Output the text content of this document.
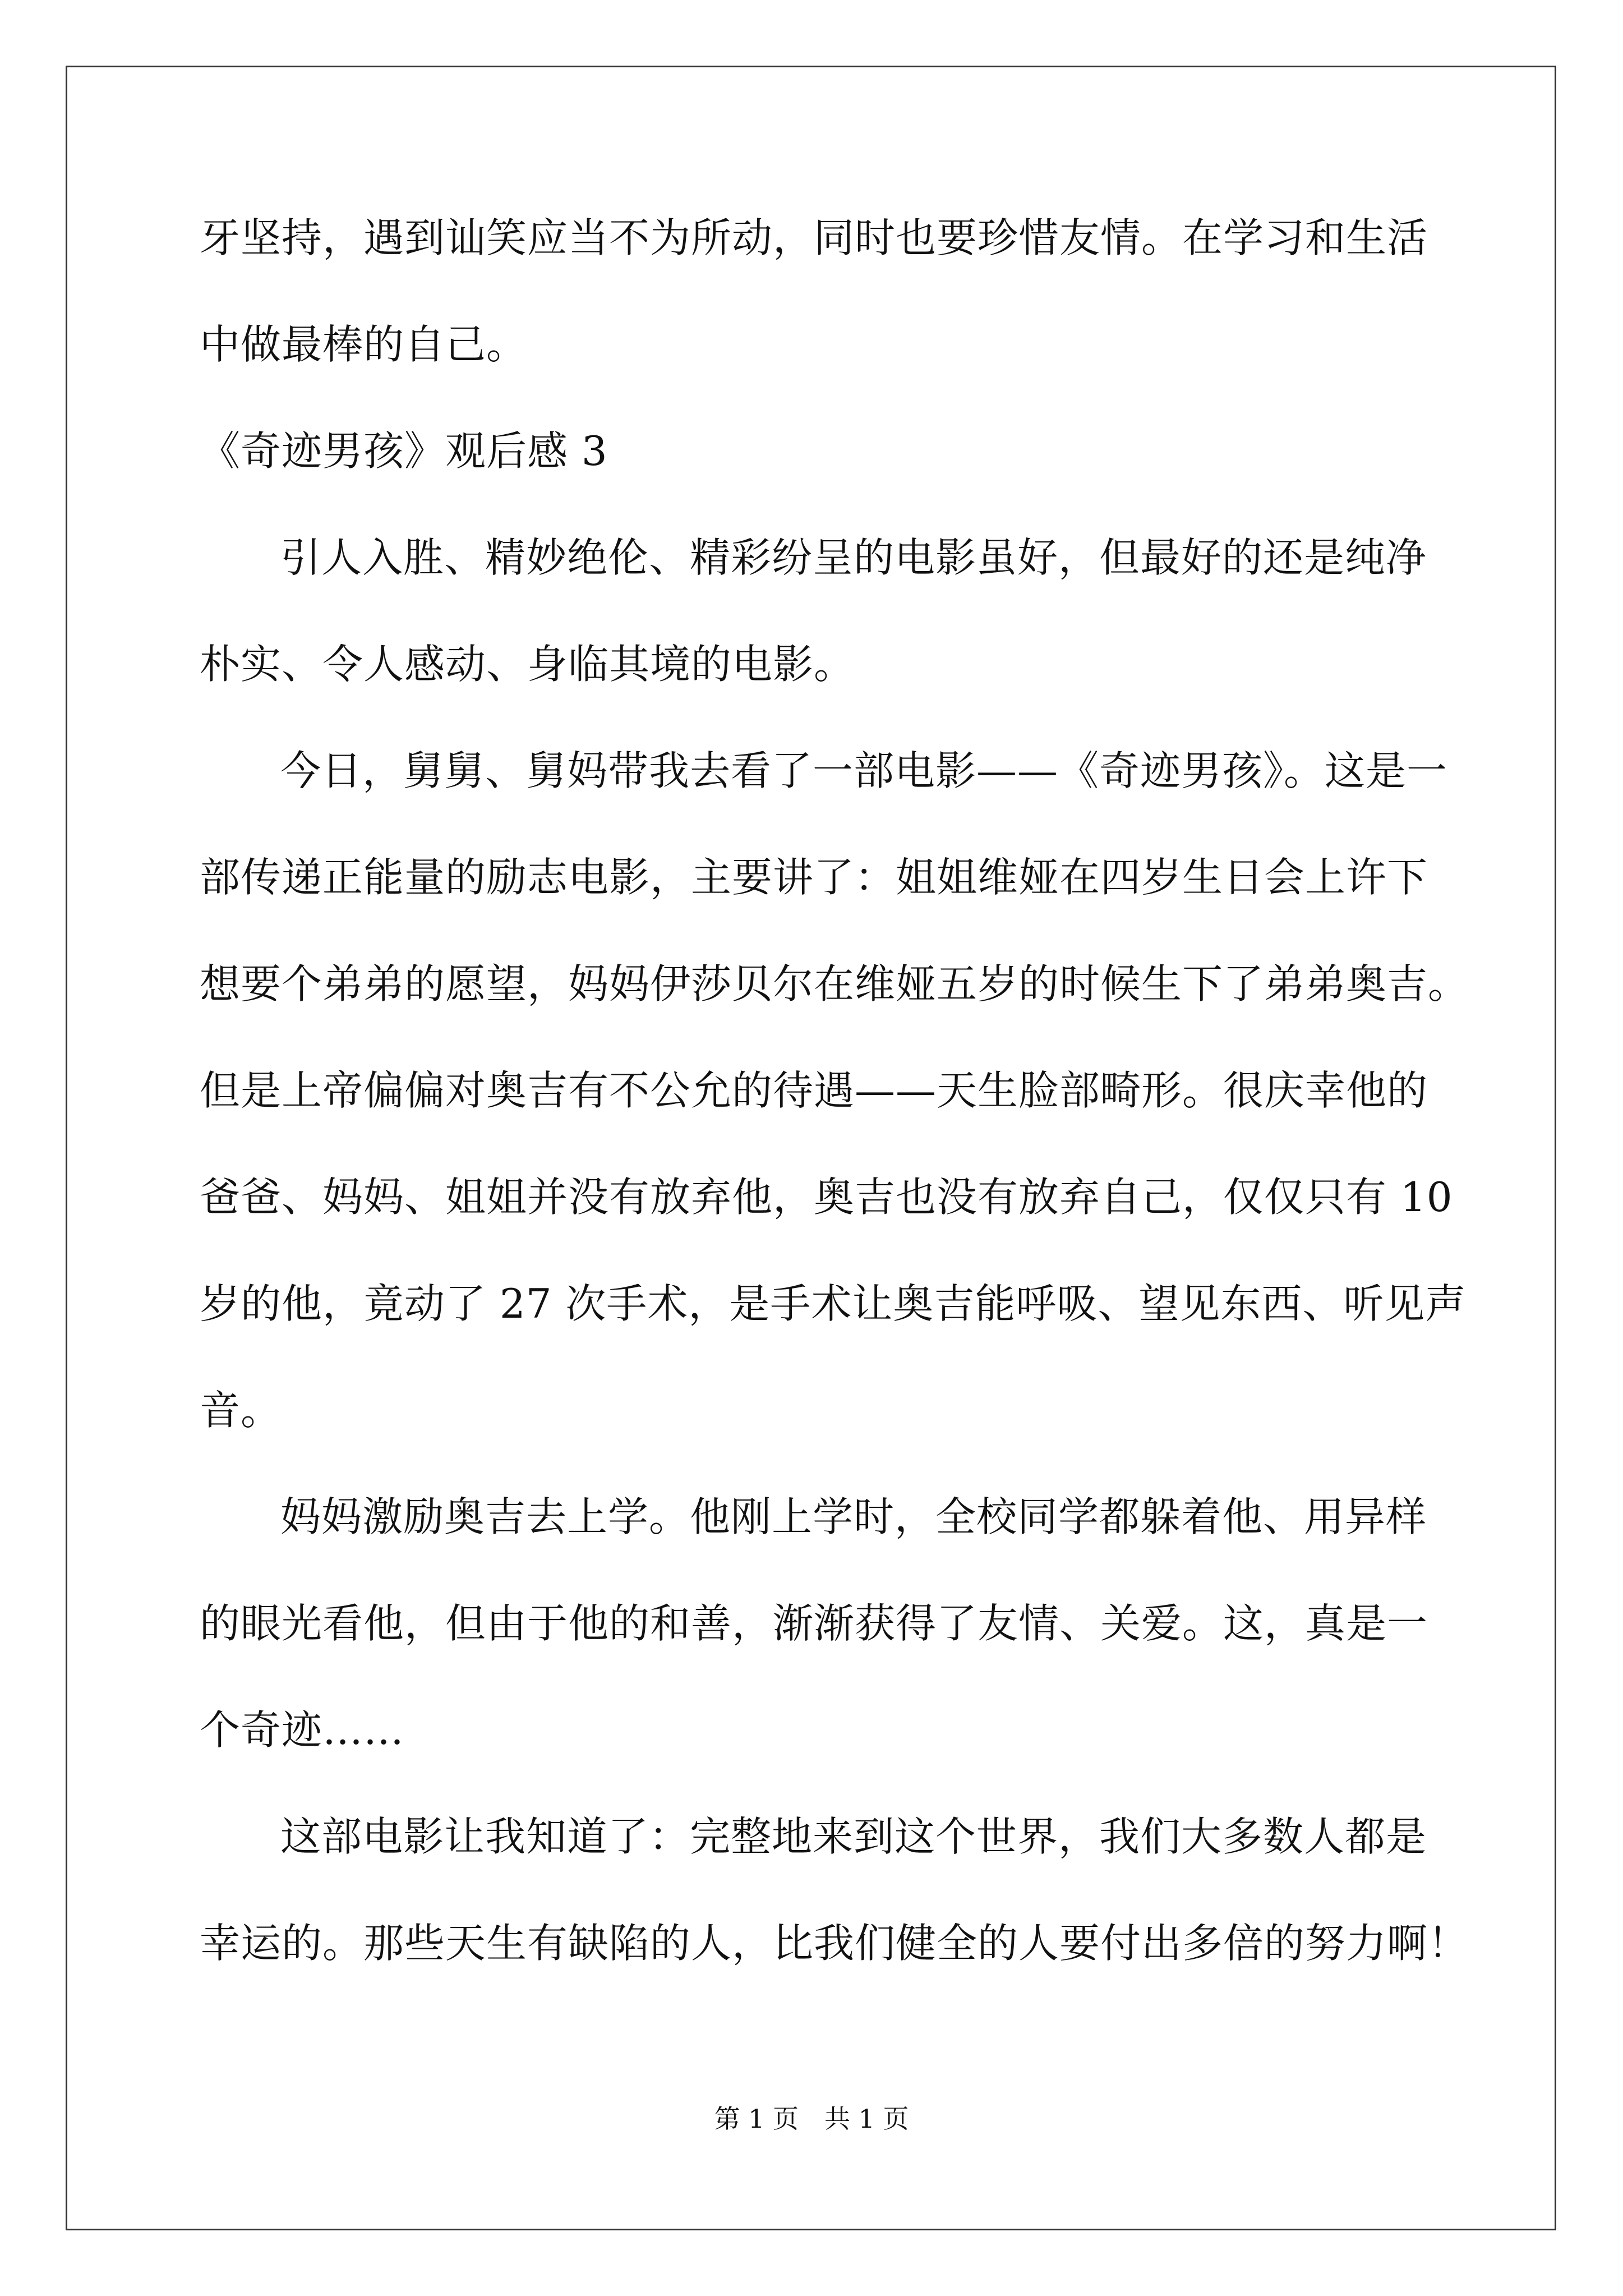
牙坚持，遇到讪笑应当不为所动，同时也要珍惜友情。在学习和生活
中做最棒的自己。
《奇迹男孩》观后感 3
引人入胜、精妙绝伦、精彩纷呈的电影虽好，但最好的还是纯净
朴实、令人感动、身临其境的电影。
今日，舅舅、舅妈带我去看了一部电影——《奇迹男孩》。这是一
部传递正能量的励志电影，主要讲了：姐姐维娅在四岁生日会上许下
想要个弟弟的愿望，妈妈伊莎贝尔在维娅五岁的时候生下了弟弟奥吉。
但是上帝偏偏对奥吉有不公允的待遇——天生脸部畸形。很庆幸他的
爸爸、妈妈、姐姐并没有放弃他，奥吉也没有放弃自己，仅仅只有 10
岁的他，竟动了 27 次手术，是手术让奥吉能呼吸、望见东西、听见声
音。
妈妈激励奥吉去上学。他刚上学时，全校同学都躲着他、用异样
的眼光看他，但由于他的和善，渐渐获得了友情、关爱。这，真是一
个奇迹……
这部电影让我知道了：完整地来到这个世界，我们大多数人都是
幸运的。那些天生有缺陷的人，比我们健全的人要付出多倍的努力啊！
第 1 页　共 1 页
